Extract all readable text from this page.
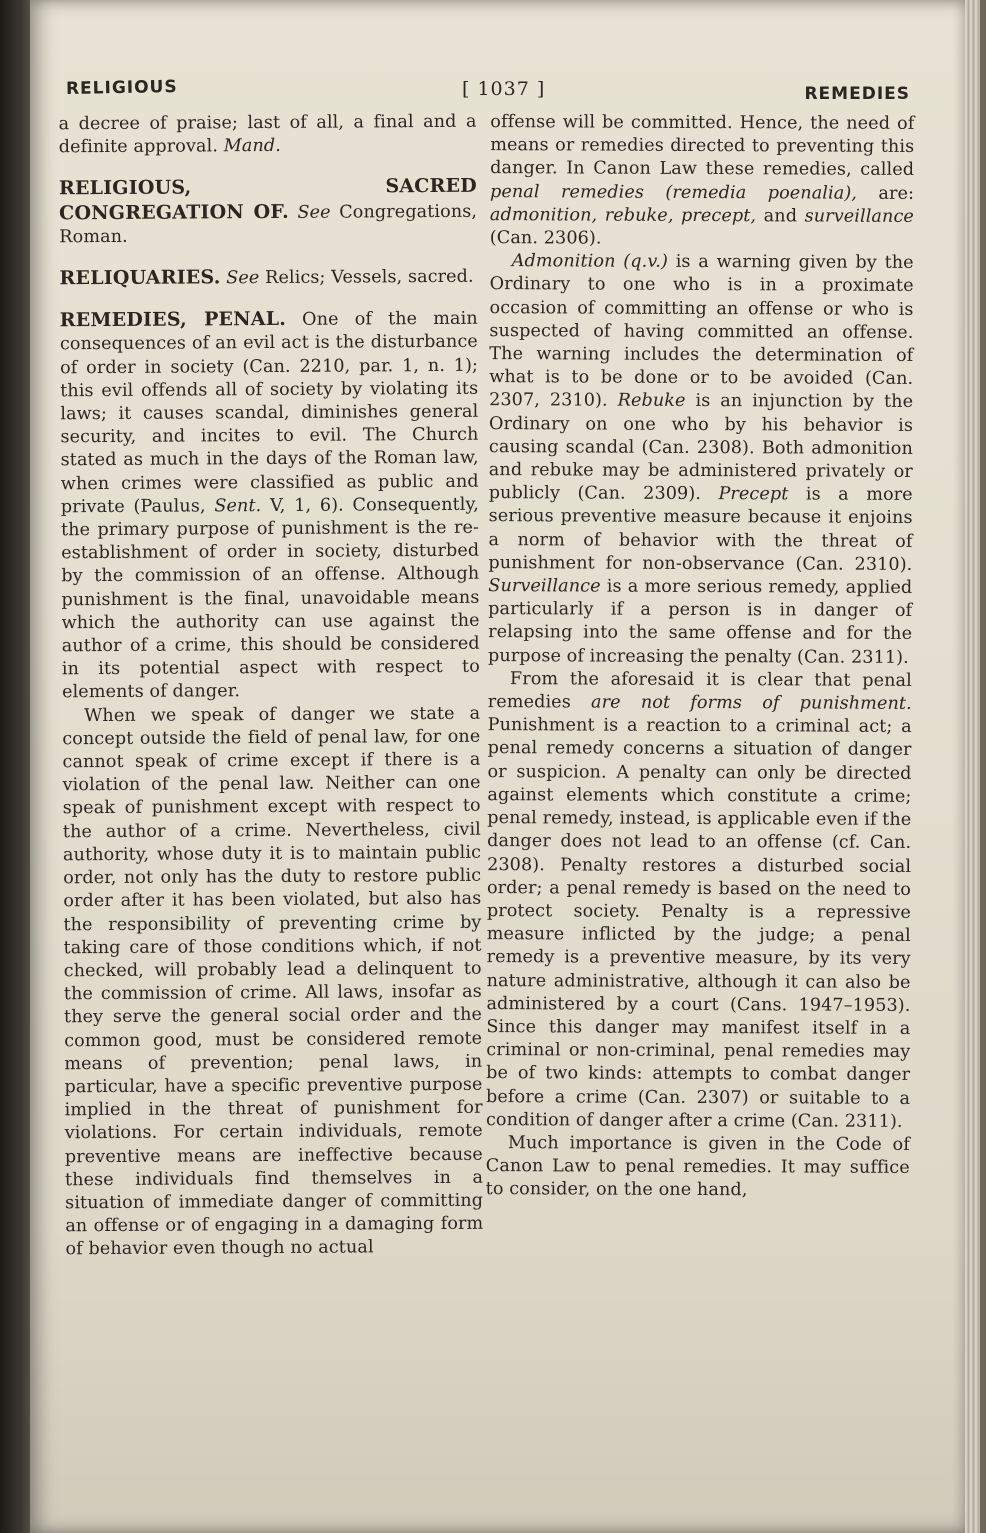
RELIGIOUS	[ 1037 ]	REMEDIES

a decree of praise; last of all, a final and a definite approval. Mand.

RELIGIOUS, SACRED CONGREGATION OF. See Congregations, Roman.

RELIQUARIES. See Relics; Vessels, sacred.

REMEDIES, PENAL. One of the main consequences of an evil act is the disturbance of order in society (Can. 2210, par. 1, n. 1); this evil offends all of society by violating its laws; it causes scandal, diminishes general security, and incites to evil. The Church stated as much in the days of the Roman law, when crimes were classified as public and private (Paulus, Sent. V, 1, 6). Consequently, the primary purpose of punishment is the re-establishment of order in society, disturbed by the commission of an offense. Although punishment is the final, unavoidable means which the authority can use against the author of a crime, this should be considered in its potential aspect with respect to elements of danger.

When we speak of danger we state a concept outside the field of penal law, for one cannot speak of crime except if there is a violation of the penal law. Neither can one speak of punishment except with respect to the author of a crime. Nevertheless, civil authority, whose duty it is to maintain public order, not only has the duty to restore public order after it has been violated, but also has the responsibility of preventing crime by taking care of those conditions which, if not checked, will probably lead a delinquent to the commission of crime. All laws, insofar as they serve the general social order and the common good, must be considered remote means of prevention; penal laws, in particular, have a specific preventive purpose implied in the threat of punishment for violations. For certain individuals, remote preventive means are ineffective because these individuals find themselves in a situation of immediate danger of committing an offense or of engaging in a damaging form of behavior even though no actual

offense will be committed. Hence, the need of means or remedies directed to preventing this danger. In Canon Law these remedies, called penal remedies (remedia poenalia), are: admonition, rebuke, precept, and surveillance (Can. 2306).

Admonition (q.v.) is a warning given by the Ordinary to one who is in a proximate occasion of committing an offense or who is suspected of having committed an offense. The warning includes the determination of what is to be done or to be avoided (Can. 2307, 2310). Rebuke is an injunction by the Ordinary on one who by his behavior is causing scandal (Can. 2308). Both admonition and rebuke may be administered privately or publicly (Can. 2309). Precept is a more serious preventive measure because it enjoins a norm of behavior with the threat of punishment for non-observance (Can. 2310). Surveillance is a more serious remedy, applied particularly if a person is in danger of relapsing into the same offense and for the purpose of increasing the penalty (Can. 2311).

From the aforesaid it is clear that penal remedies are not forms of punishment. Punishment is a reaction to a criminal act; a penal remedy concerns a situation of danger or suspicion. A penalty can only be directed against elements which constitute a crime; penal remedy, instead, is applicable even if the danger does not lead to an offense (cf. Can. 2308). Penalty restores a disturbed social order; a penal remedy is based on the need to protect society. Penalty is a repressive measure inflicted by the judge; a penal remedy is a preventive measure, by its very nature administrative, although it can also be administered by a court (Cans. 1947–1953). Since this danger may manifest itself in a criminal or non-criminal, penal remedies may be of two kinds: attempts to combat danger before a crime (Can. 2307) or suitable to a condition of danger after a crime (Can. 2311).

Much importance is given in the Code of Canon Law to penal remedies. It may suffice to consider, on the one hand,
